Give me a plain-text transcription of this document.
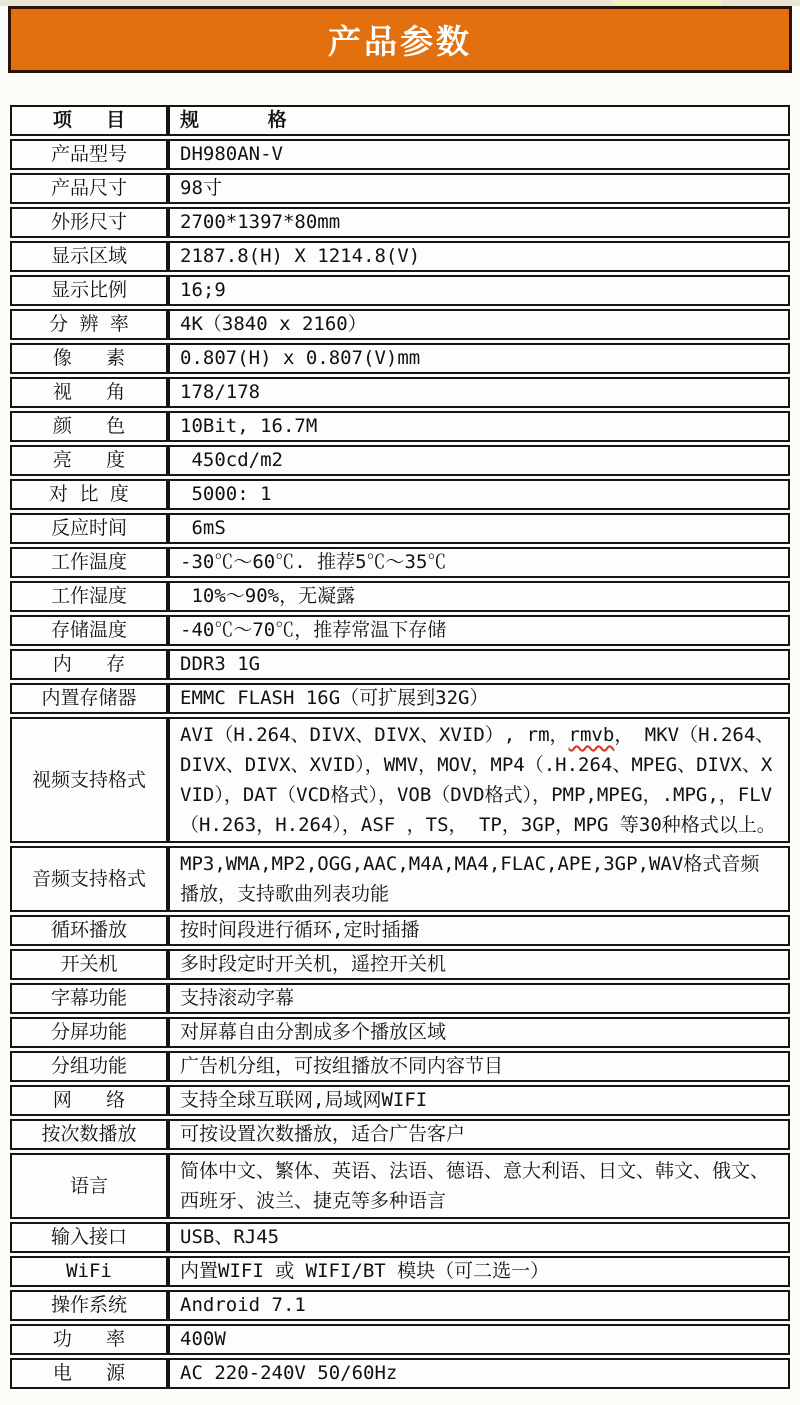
产品参数
项   目	规      格
产品型号	DH980AN-V
产品尺寸	98寸
外形尺寸	2700*1397*80mm
显示区域	2187.8(H) X 1214.8(V)
显示比例	16;9
分 辨 率	4K（3840 x 2160）
像   素	0.807(H) x 0.807(V)mm
视   角	178/178
颜   色	10Bit, 16.7M
亮   度	450cd/m2
对 比 度	5000: 1
反应时间	6mS
工作温度	-30℃～60℃. 推荐5℃～35℃
工作湿度	10%～90%，无凝露
存储温度	-40℃～70℃，推荐常温下存储
内   存	DDR3 1G
内置存储器	EMMC FLASH 16G（可扩展到32G）
视频支持格式	AVI（H.264、DIVX、DIVX、XVID）, rm，rmvb， MKV（H.264、DIVX、DIVX、XVID），WMV，MOV，MP4（.H.264、MPEG、DIVX、XVID），DAT（VCD格式），VOB（DVD格式），PMP,MPEG，.MPG,，FLV（H.263，H.264），ASF ，TS， TP，3GP，MPG 等30种格式以上。
音频支持格式	MP3,WMA,MP2,OGG,AAC,M4A,MA4,FLAC,APE,3GP,WAV格式音频播放，支持歌曲列表功能
循环播放	按时间段进行循环,定时插播
开关机	多时段定时开关机，遥控开关机
字幕功能	支持滚动字幕
分屏功能	对屏幕自由分割成多个播放区域
分组功能	广告机分组，可按组播放不同内容节目
网   络	支持全球互联网,局域网WIFI
按次数播放	可按设置次数播放，适合广告客户
语言	简体中文、繁体、英语、法语、德语、意大利语、日文、韩文、俄文、西班牙、波兰、捷克等多种语言
输入接口	USB、RJ45
WiFi	内置WIFI 或 WIFI/BT 模块（可二选一）
操作系统	Android 7.1
功   率	400W
电   源	AC 220-240V 50/60Hz
